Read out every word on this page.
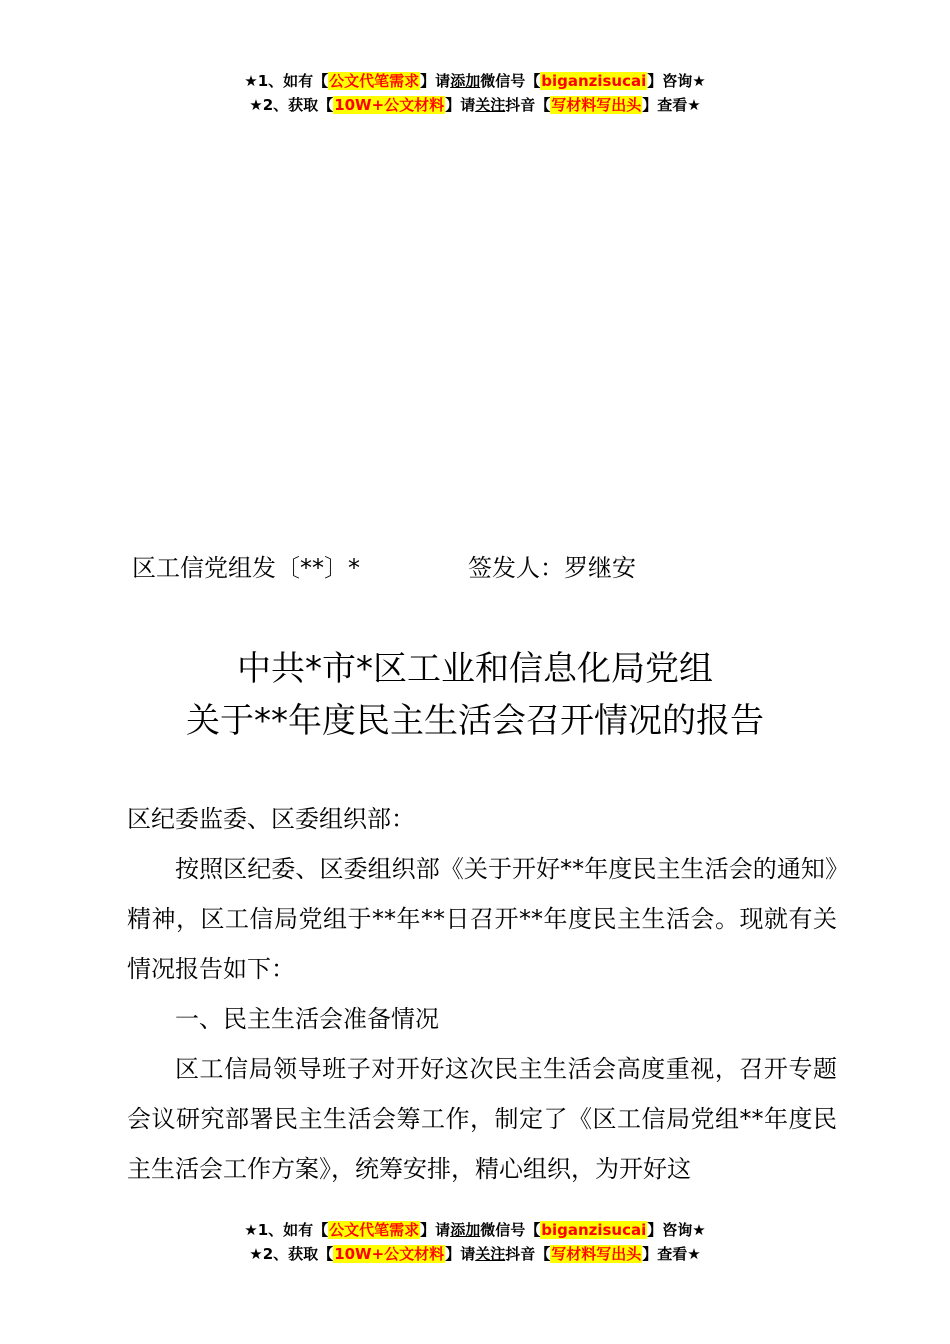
★1、如有【公文代笔需求】请添加微信号【biganzisucai】咨询★
★2、获取【10W+公文材料】请关注抖音【写材料写出头】查看★
区工信党组发〔**〕*	签发人：罗继安
中共*市*区工业和信息化局党组
关于**年度民主生活会召开情况的报告

区纪委监委、区委组织部：

按照区纪委、区委组织部《关于开好**年度民主生活会的通知》精神，区工信局党组于**年**日召开**年度民主生活会。现就有关情况报告如下：

一、民主生活会准备情况

区工信局领导班子对开好这次民主生活会高度重视，召开专题会议研究部署民主生活会筹工作，制定了《区工信局党组**年度民主生活会工作方案》，统筹安排，精心组织，为开好这

★1、如有【公文代笔需求】请添加微信号【biganzisucai】咨询★
★2、获取【10W+公文材料】请关注抖音【写材料写出头】查看★
